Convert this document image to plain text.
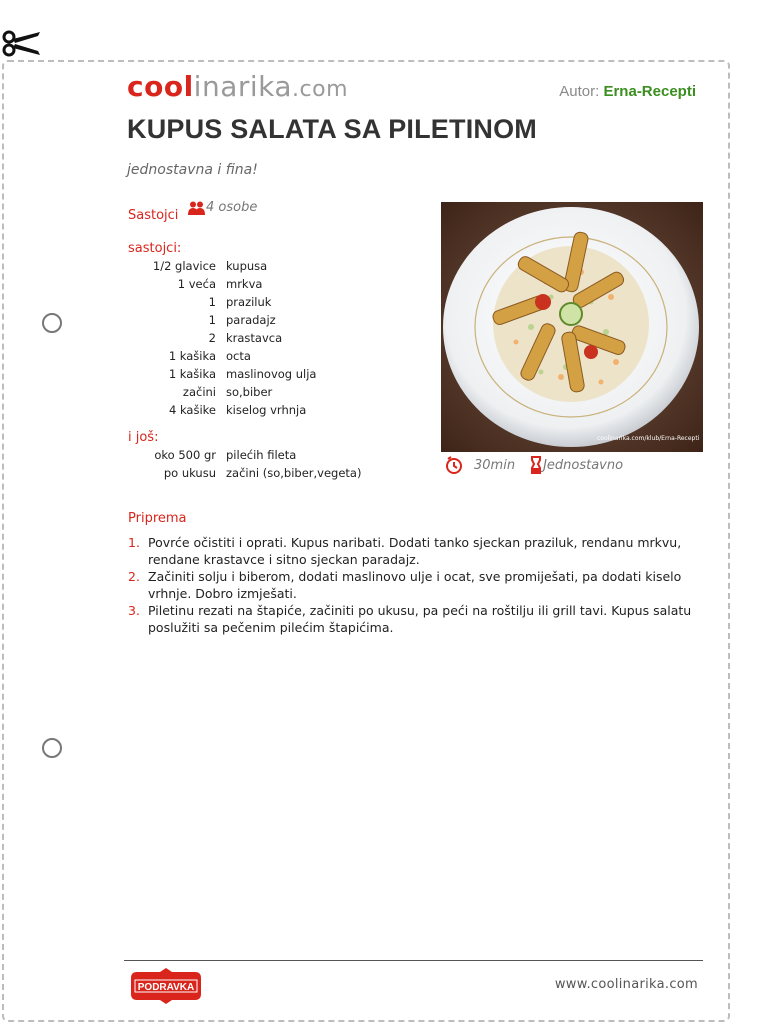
coolinarika.com	Autor: Erna-Recepti
KUPUS SALATA SA PILETINOM
jednostavna i fina!
Sastojci
4 osobe
sastojci:
1/2 glavice kupusa
1 veća mrkva
1 praziluk
1 paradajz
2 krastavca
1 kašika octa
1 kašika maslinovog ulja
začini so,biber
4 kašike kiselog vrhnja
i još:
oko 500 gr pilećih fileta
po ukusu začini (so,biber,vegeta)
coolinarika.com/klub/Erna-Recepti
30min Jednostavno
Priprema
1. Povrće očistiti i oprati. Kupus naribati. Dodati tanko sjeckan praziluk, rendanu mrkvu, rendane krastavce i sitno sjeckan paradajz.
2. Začiniti solju i biberom, dodati maslinovo ulje i ocat, sve promiješati, pa dodati kiselo vrhnje. Dobro izmješati.
3. Piletinu rezati na štapiće, začiniti po ukusu, pa peći na roštilju ili grill tavi. Kupus salatu poslužiti sa pečenim pilećim štapićima.
PODRAVKA	www.coolinarika.com
